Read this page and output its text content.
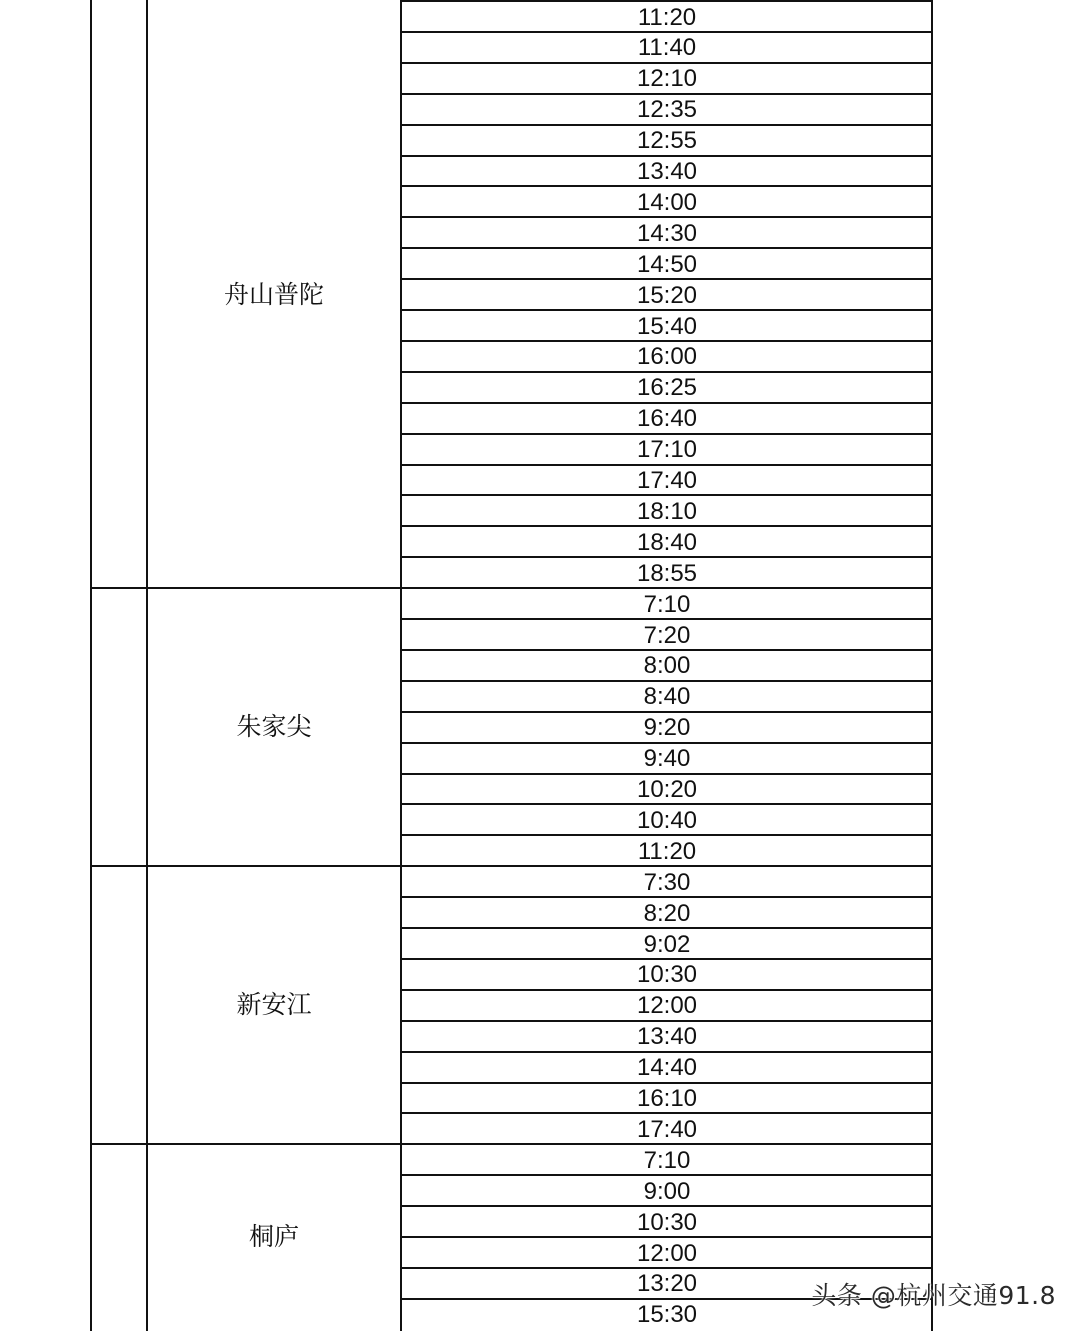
11:20
11:40
12:10
12:35
12:55
13:40
14:00
14:30
14:50
15:20
15:40
16:00
16:25
16:40
17:10
17:40
18:10
18:40
18:55
舟山普陀
7:10
7:20
8:00
8:40
9:20
9:40
10:20
10:40
11:20
朱家尖
7:30
8:20
9:02
10:30
12:00
13:40
14:40
16:10
17:40
新安江
7:10
9:00
10:30
12:00
13:20
15:30
桐庐
头条 @杭州交通91.8
